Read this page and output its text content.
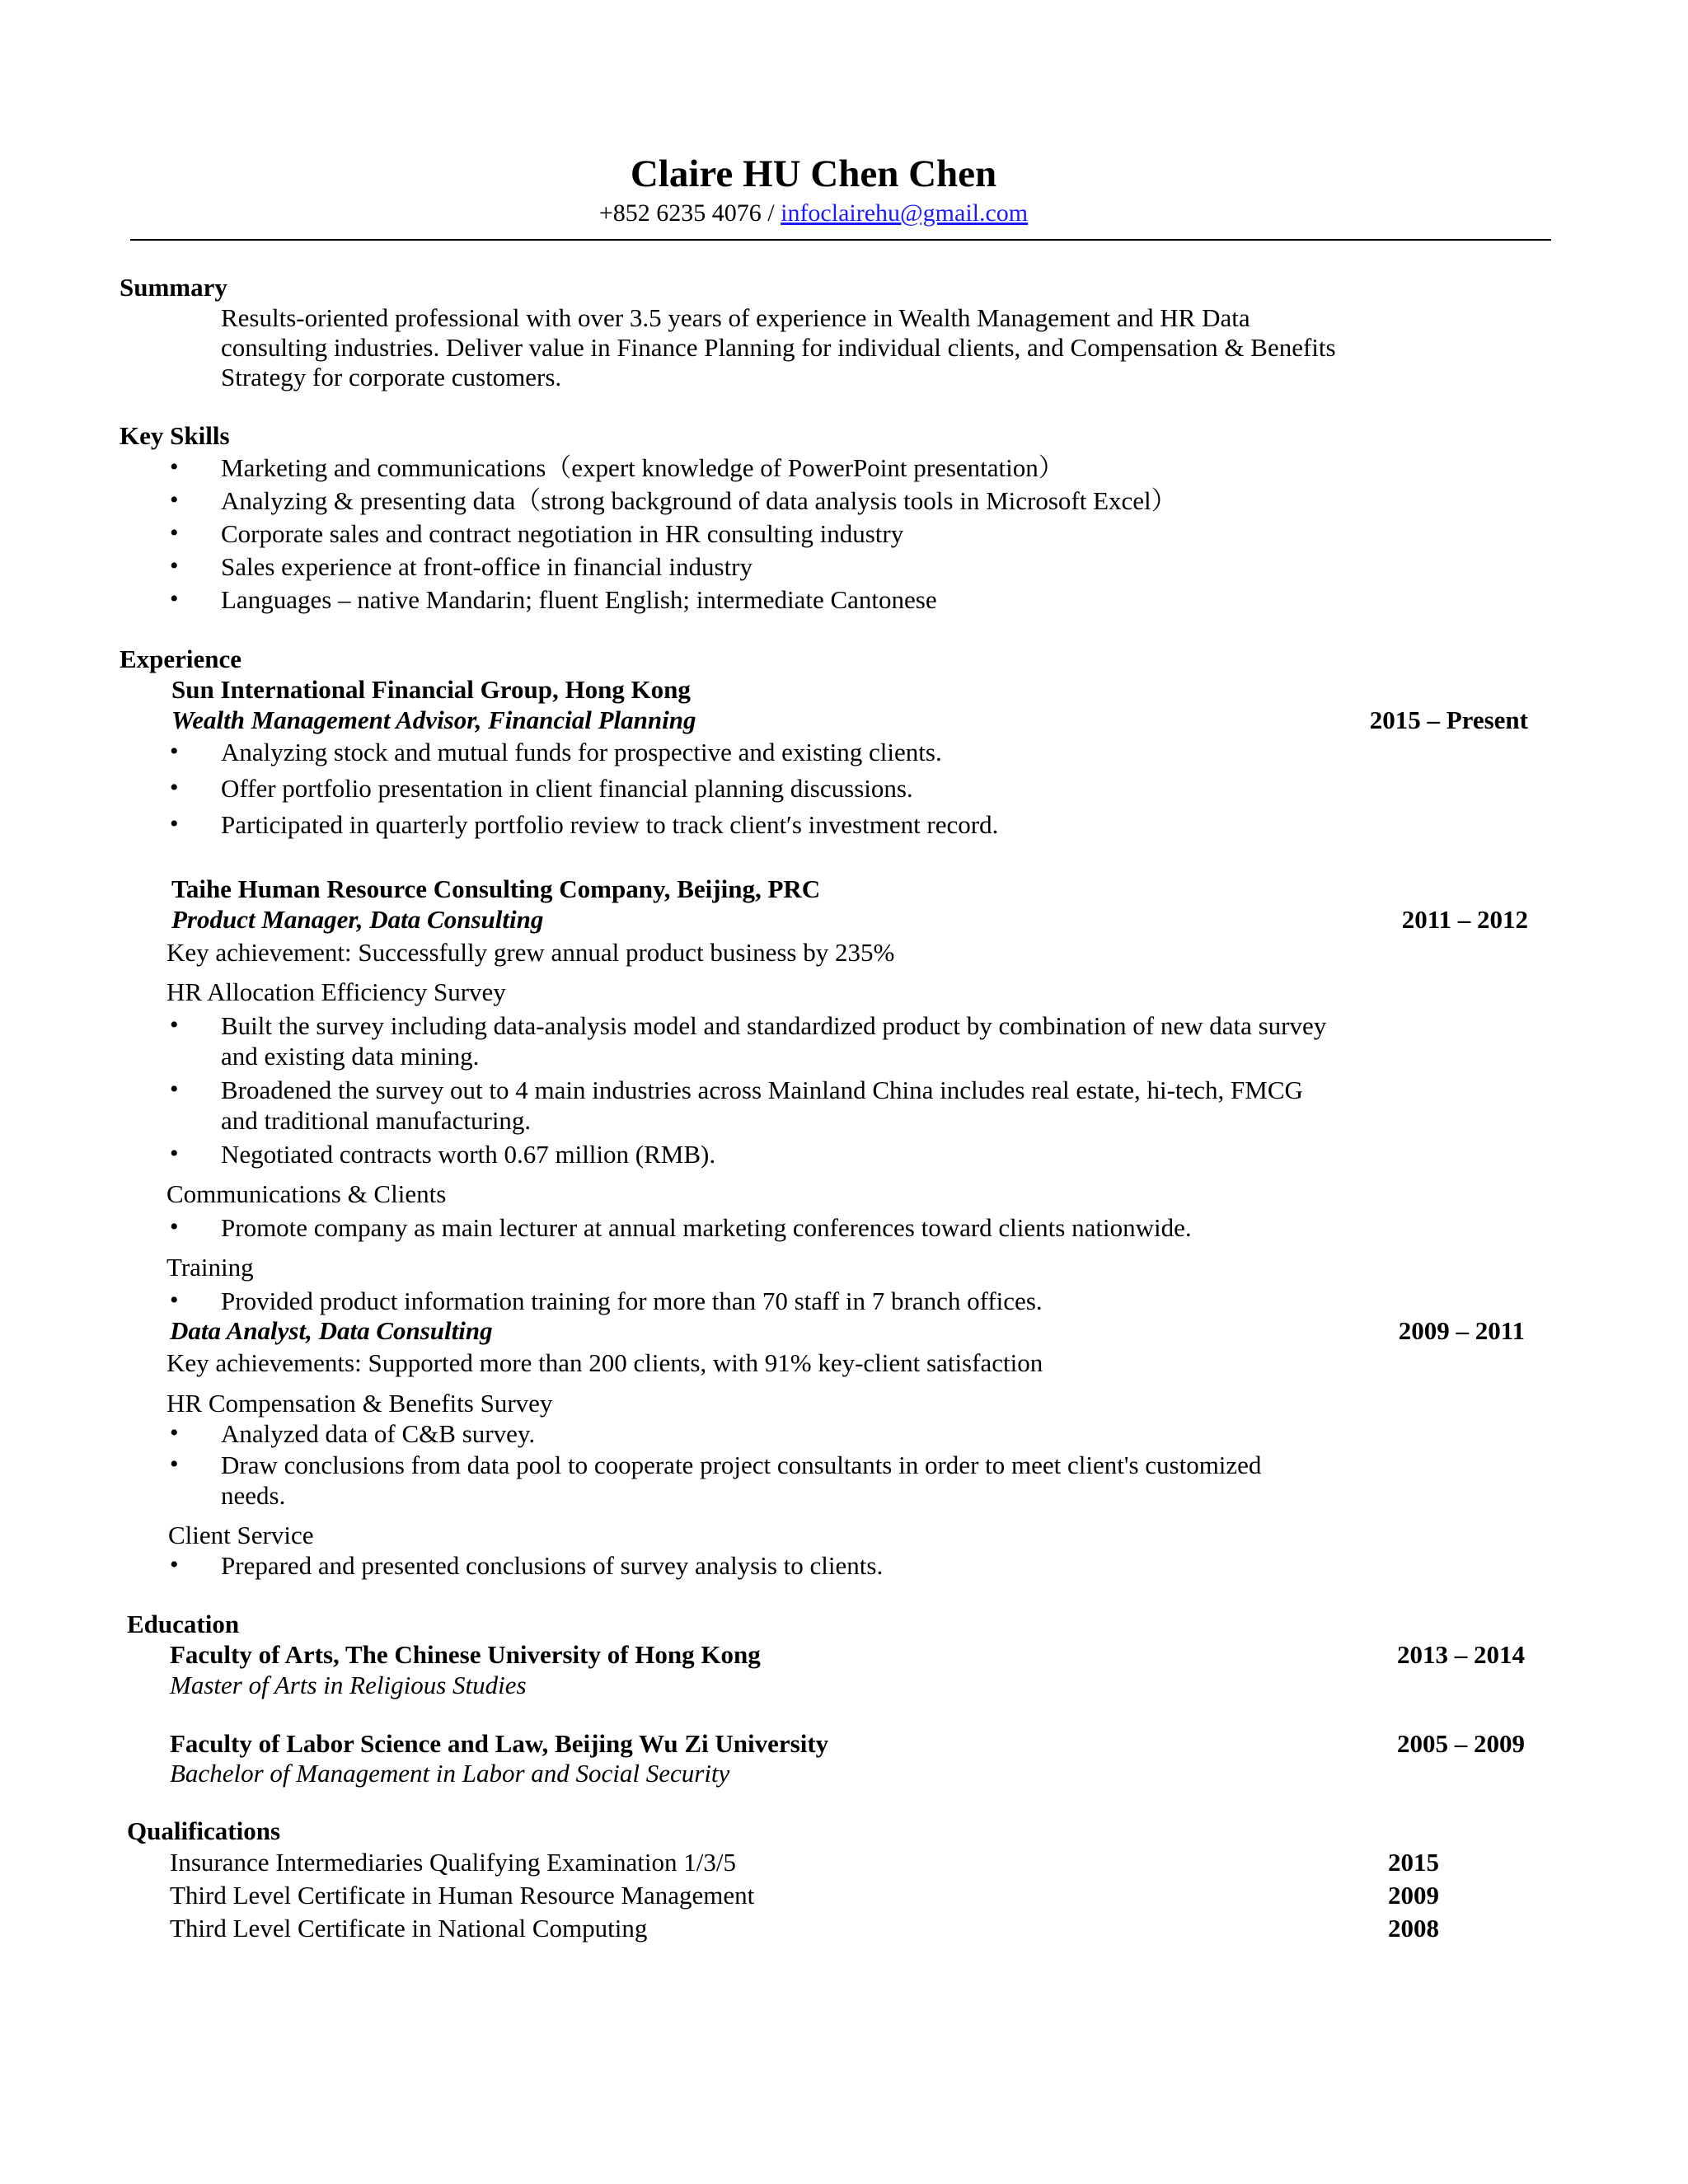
Claire HU Chen Chen
+852 6235 4076 / infoclairehu@gmail.com
Summary
Results-oriented professional with over 3.5 years of experience in Wealth Management and HR Data
consulting industries. Deliver value in Finance Planning for individual clients, and Compensation & Benefits
Strategy for corporate customers.
Key Skills
• Marketing and communications（expert knowledge of PowerPoint presentation）
• Analyzing & presenting data（strong background of data analysis tools in Microsoft Excel）
• Corporate sales and contract negotiation in HR consulting industry
• Sales experience at front-office in financial industry
• Languages – native Mandarin; fluent English; intermediate Cantonese
Experience
Sun International Financial Group, Hong Kong
Wealth Management Advisor, Financial Planning	2015 – Present
• Analyzing stock and mutual funds for prospective and existing clients.
• Offer portfolio presentation in client financial planning discussions.
• Participated in quarterly portfolio review to track client′s investment record.
Taihe Human Resource Consulting Company, Beijing, PRC
Product Manager, Data Consulting	2011 – 2012
Key achievement: Successfully grew annual product business by 235%
HR Allocation Efficiency Survey
• Built the survey including data-analysis model and standardized product by combination of new data survey
and existing data mining.
• Broadened the survey out to 4 main industries across Mainland China includes real estate, hi-tech, FMCG
and traditional manufacturing.
• Negotiated contracts worth 0.67 million (RMB).
Communications & Clients
• Promote company as main lecturer at annual marketing conferences toward clients nationwide.
Training
• Provided product information training for more than 70 staff in 7 branch offices.
Data Analyst, Data Consulting	2009 – 2011
Key achievements: Supported more than 200 clients, with 91% key-client satisfaction
HR Compensation & Benefits Survey
• Analyzed data of C&B survey.
• Draw conclusions from data pool to cooperate project consultants in order to meet client's customized
needs.
Client Service
• Prepared and presented conclusions of survey analysis to clients.
Education
Faculty of Arts, The Chinese University of Hong Kong	2013 – 2014
Master of Arts in Religious Studies
Faculty of Labor Science and Law, Beijing Wu Zi University	2005 – 2009
Bachelor of Management in Labor and Social Security
Qualifications
Insurance Intermediaries Qualifying Examination 1/3/5	2015
Third Level Certificate in Human Resource Management	2009
Third Level Certificate in National Computing	2008
